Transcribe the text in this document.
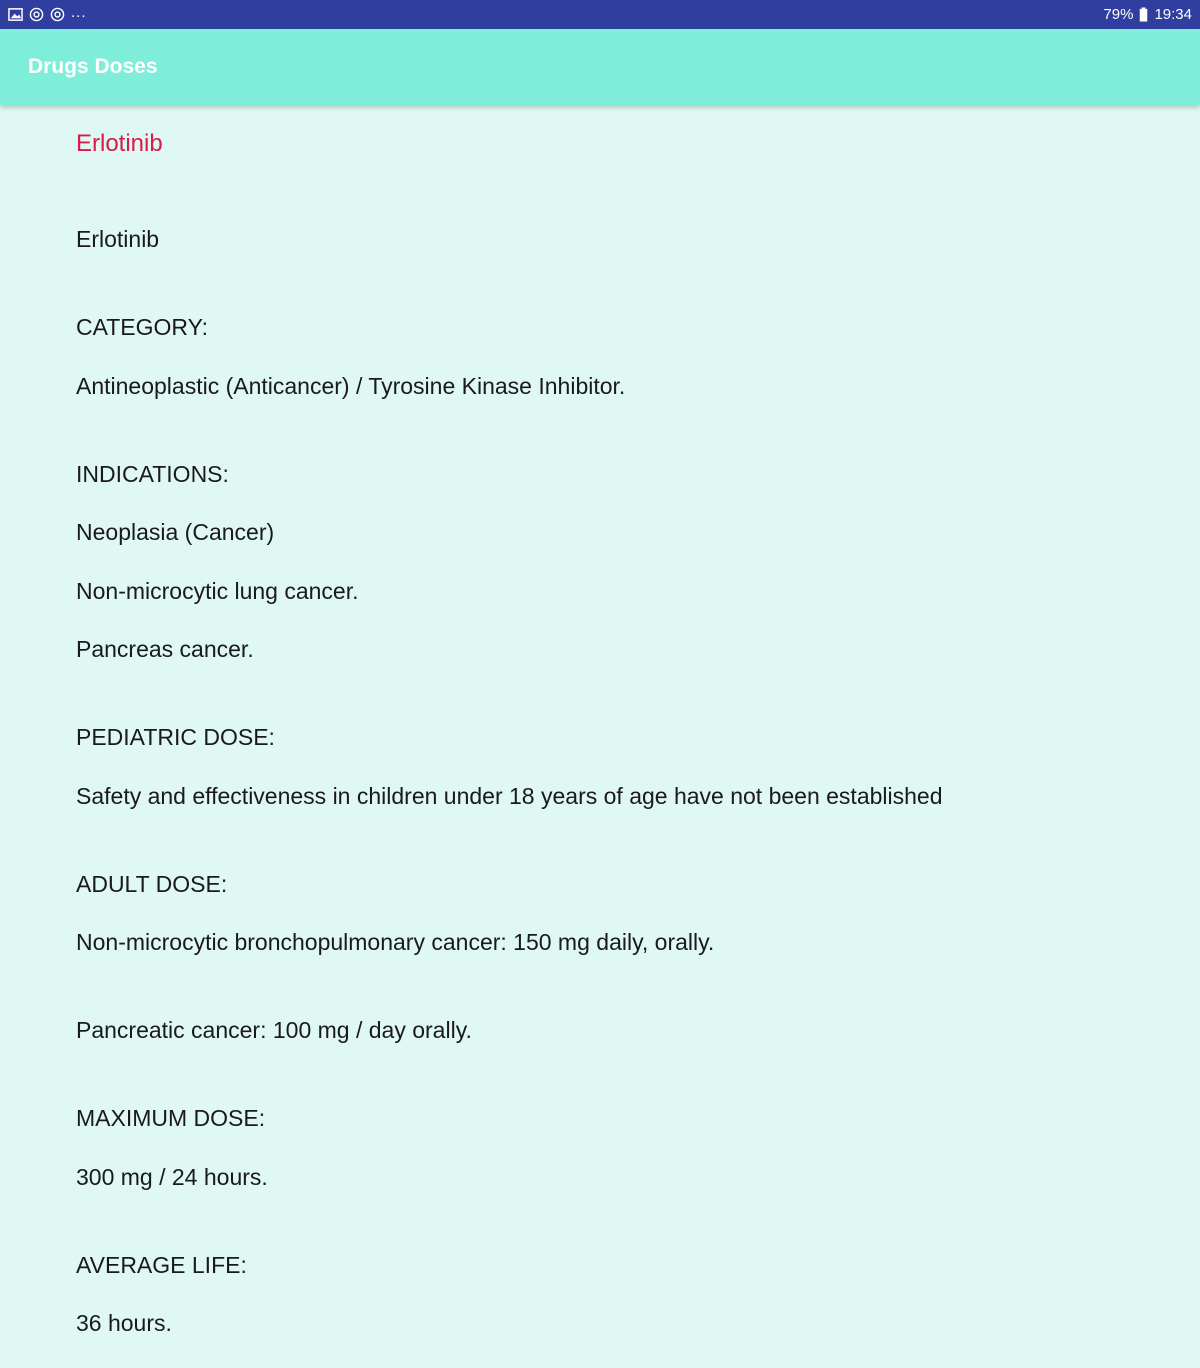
...	79% 19:34
Drugs Doses
Erlotinib

Erlotinib

CATEGORY:

Antineoplastic (Anticancer) / Tyrosine Kinase Inhibitor.

INDICATIONS:

Neoplasia (Cancer)

Non-microcytic lung cancer.

Pancreas cancer.

PEDIATRIC DOSE:

Safety and effectiveness in children under 18 years of age have not been established

ADULT DOSE:

Non-microcytic bronchopulmonary cancer: 150 mg daily, orally.

Pancreatic cancer: 100 mg / day orally.

MAXIMUM DOSE:

300 mg / 24 hours.

AVERAGE LIFE:

36 hours.
